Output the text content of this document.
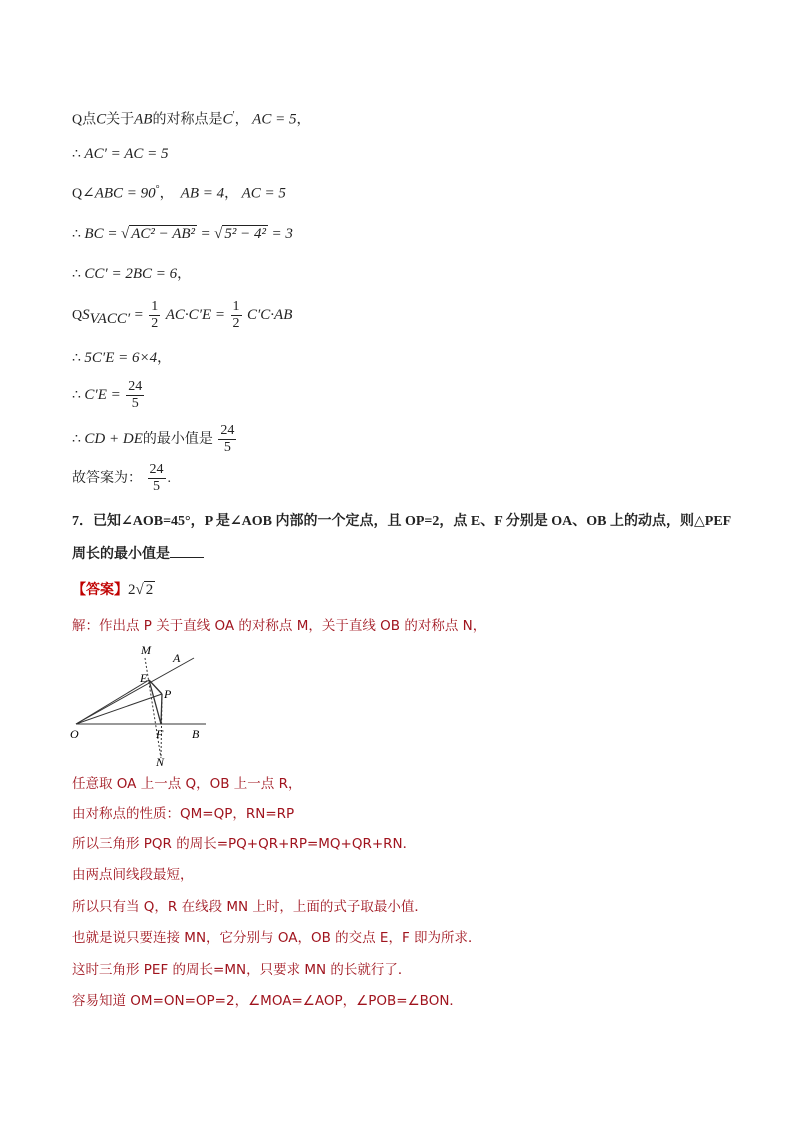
Q点C关于AB的对称点是C′， AC = 5，
∴ AC′ = AC = 5
Q∠ABC = 90°，  AB = 4， AC = 5
∴ BC = √ AC² − AB² = √ 5² − 4² = 3
∴ CC′ = 2BC = 6，
$QS_{VACC'} = \frac{1}{2} AC\cdot C'E = \frac{1}{2} C'C\cdot AB$
∴ 5C′E = 6×4，
∴ $C'E = \frac{24}{5}$
∴ CD + DE的最小值是 $\frac{24}{5}$
故答案为： $\frac{24}{5}$ .
7．已知∠AOB=45°，P 是∠AOB 内部的一个定点，且 OP=2，点 E、F 分别是 OA、OB 上的动点，则△PEF
周长的最小值是
【答案】2√ 2
解：作出点 P 关于直线 OA 的对称点 M，关于直线 OB 的对称点 N，
M
A
E
P
O	F B
N
任意取 OA 上一点 Q，OB 上一点 R，
由对称点的性质：QM=QP，RN=RP
所以三角形 PQR 的周长=PQ+QR+RP=MQ+QR+RN．
由两点间线段最短，
所以只有当 Q，R 在线段 MN 上时，上面的式子取最小值．
也就是说只要连接 MN，它分别与 OA，OB 的交点 E，F 即为所求．
这时三角形 PEF 的周长=MN，只要求 MN 的长就行了．
容易知道 OM=ON=OP=2，∠MOA=∠AOP，∠POB=∠BON．
